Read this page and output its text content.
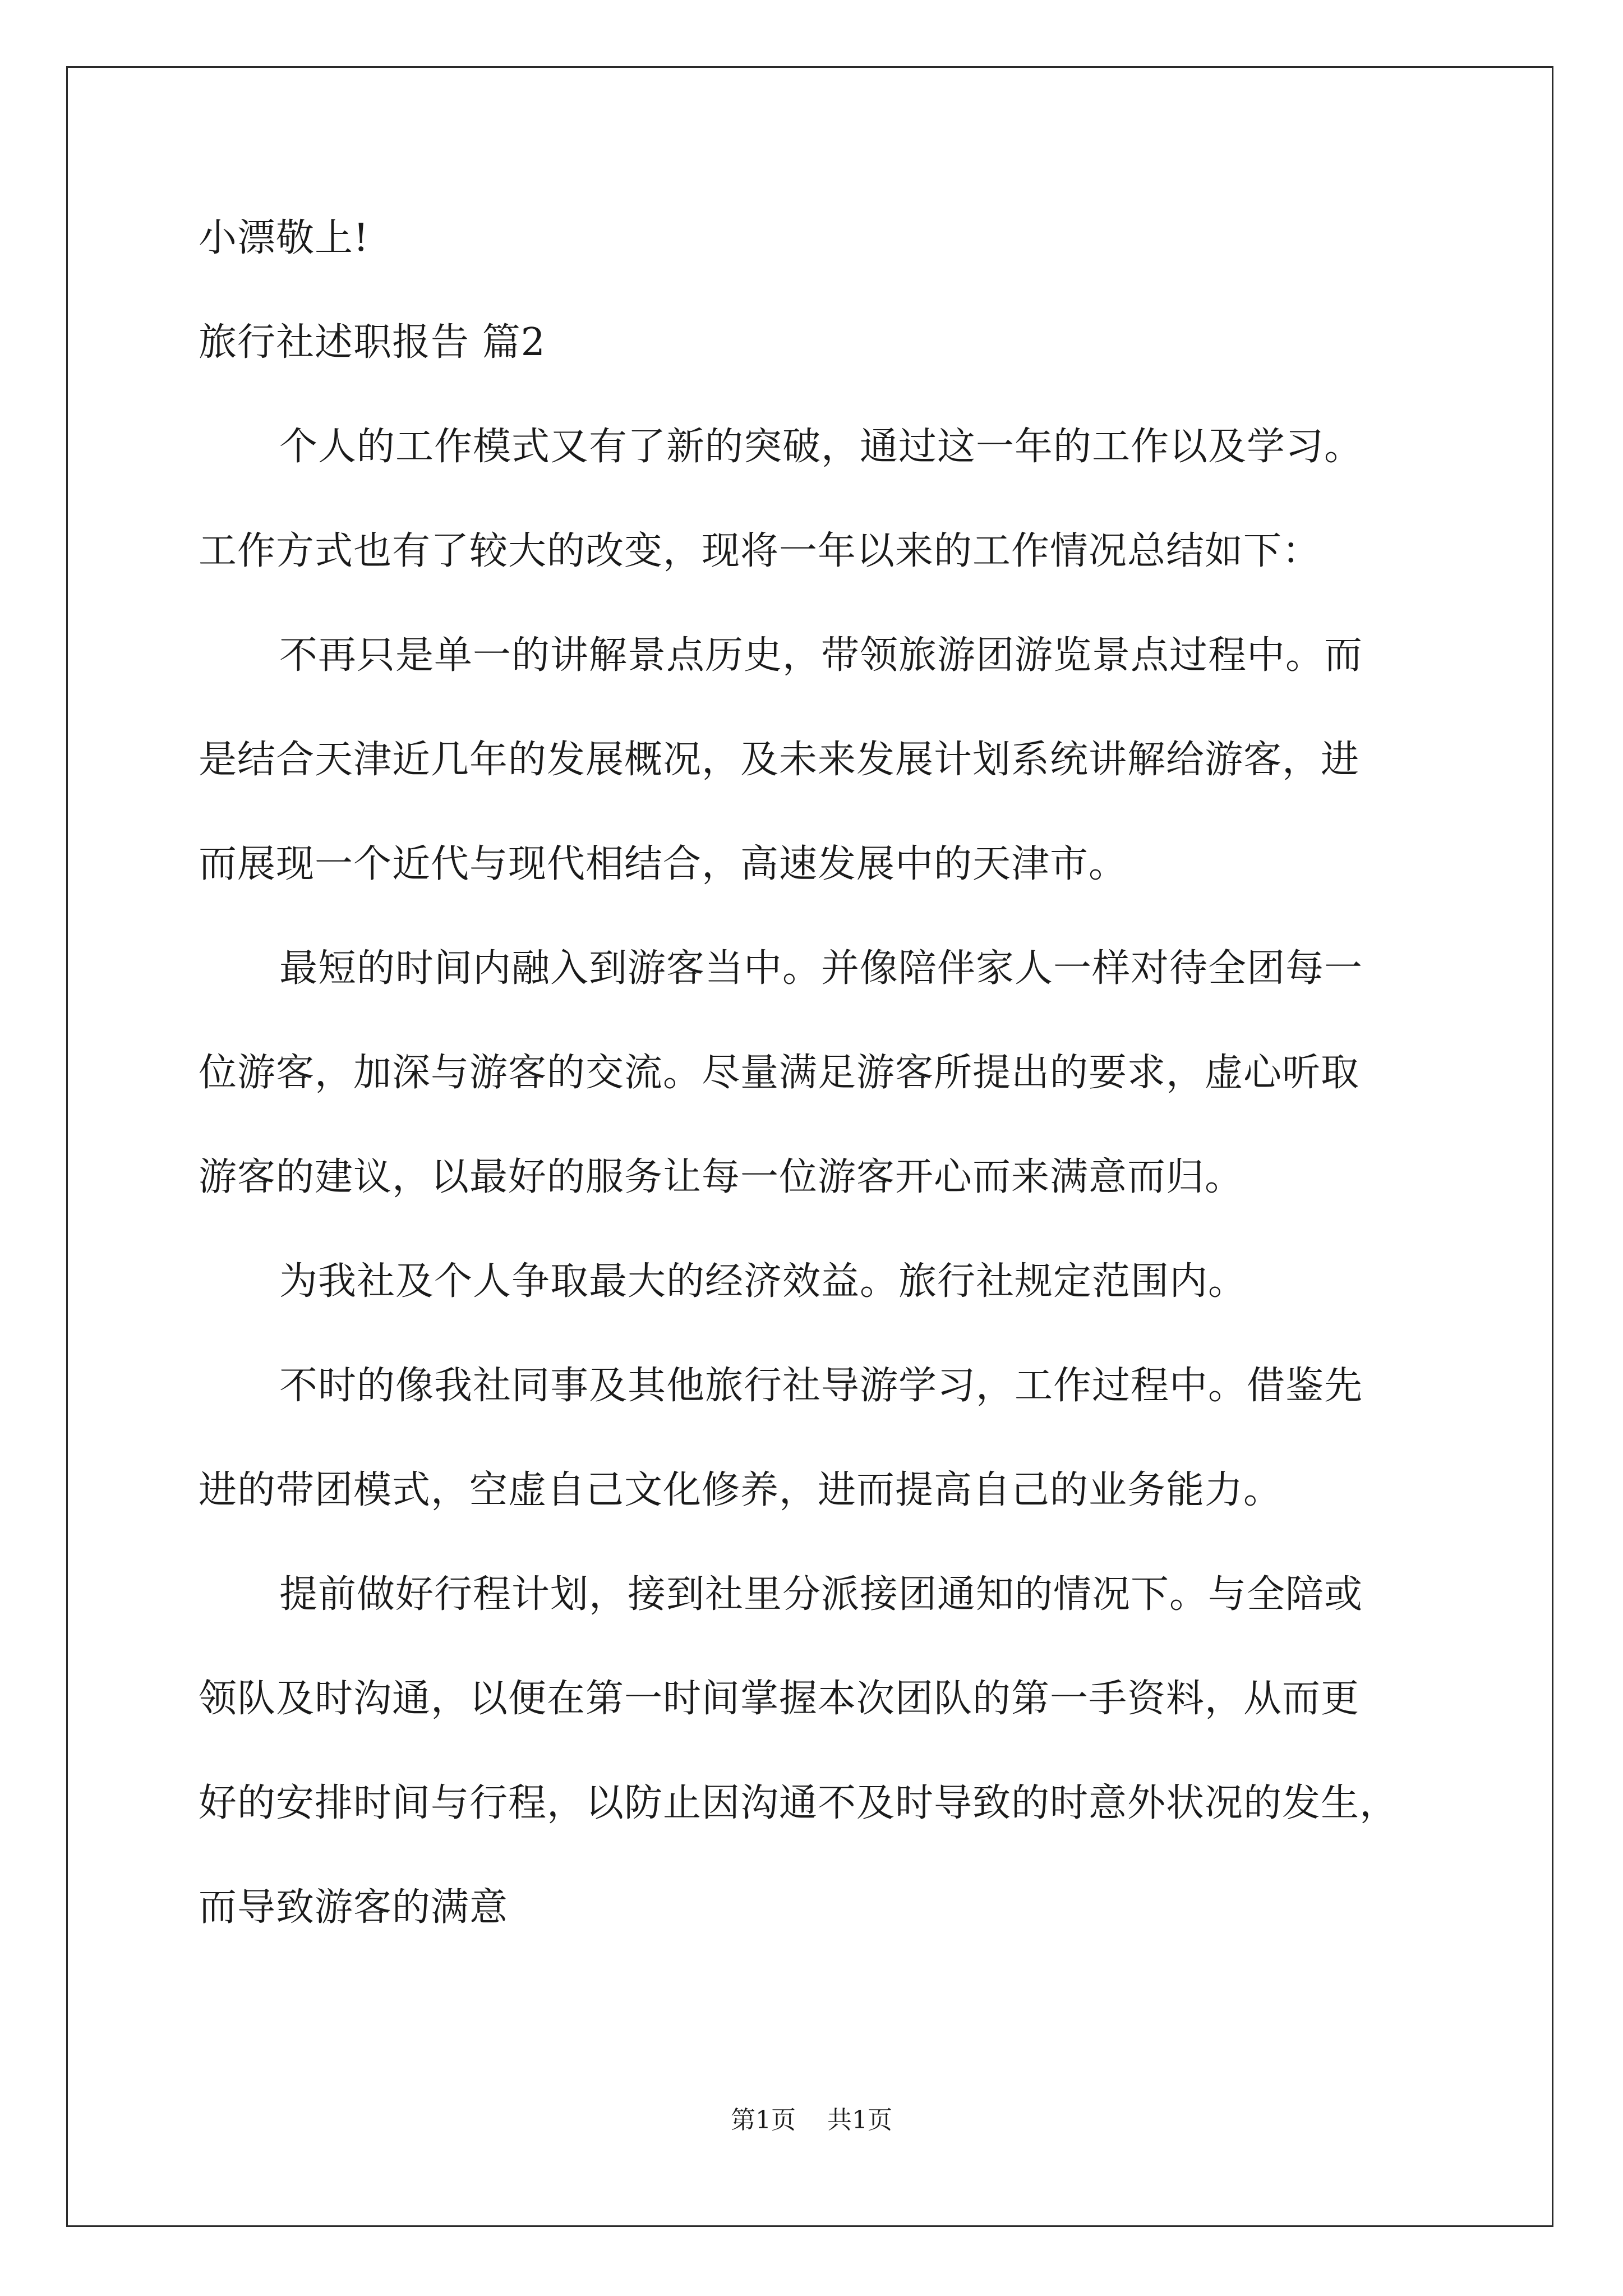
小漂敬上!
旅行社述职报告 篇2
个人的工作模式又有了新的突破，通过这一年的工作以及学习。
工作方式也有了较大的改变，现将一年以来的工作情况总结如下：
不再只是单一的讲解景点历史，带领旅游团游览景点过程中。而
是结合天津近几年的发展概况，及未来发展计划系统讲解给游客，进
而展现一个近代与现代相结合，高速发展中的天津市。
最短的时间内融入到游客当中。并像陪伴家人一样对待全团每一
位游客，加深与游客的交流。尽量满足游客所提出的要求，虚心听取
游客的建议，以最好的服务让每一位游客开心而来满意而归。
为我社及个人争取最大的经济效益。旅行社规定范围内。
不时的像我社同事及其他旅行社导游学习，工作过程中。借鉴先
进的带团模式，空虚自己文化修养，进而提高自己的业务能力。
提前做好行程计划，接到社里分派接团通知的情况下。与全陪或
领队及时沟通，以便在第一时间掌握本次团队的第一手资料，从而更
好的安排时间与行程，以防止因沟通不及时导致的时意外状况的发生，
而导致游客的满意
第1页 共1页
